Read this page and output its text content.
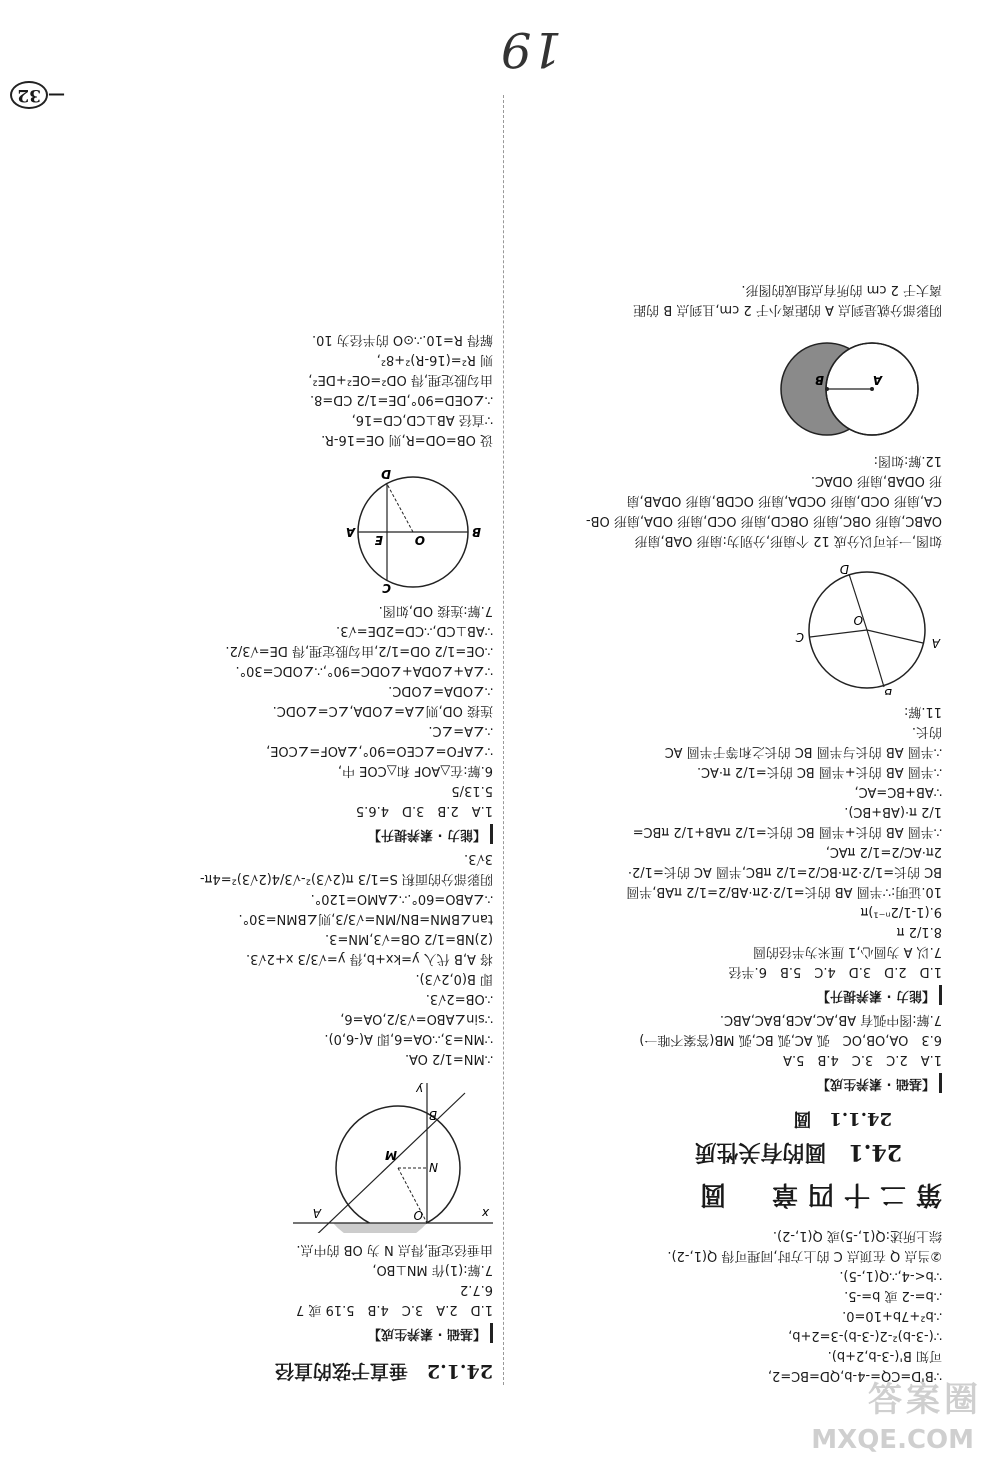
∵B'D=CQ=-4-b,QD=BC=2,
可知 B'(-3-b,2+b).
∵(-3-b)²-2(-3-b)-3=2+b,
∴b²+7b+10=0.
∴b=-2 或 b=-5.
∵b<-4,∴Q(1,-5).
②当点 Q 在顶点 C 的上方时,同理可得 Q(1,-2).
综上所述:Q(1,-5)或 Q(1,-2).
第二十四章　圆
24.1　圆的有关性质
24.1.1　圆
【基础 · 素养生成】
1.A　2.C　3.C　4.B　5.A
6.3　OA,OB,OC　弧 AC,弧 BC,弧 MB(答案不唯一)
7.解:图中弧有 AB,AC,ACB,BAC,ABC.
【能力 · 素养提升】
1.D　2.D　3.D　4.C　5.B　6.半径
7.以 A 为圆心,1 厘米为半径的圆
8.1/2 π
9.(1-1/2ⁿ⁻¹)π
10.证明:∵半圆 AB 的长=1/2·2π·AB/2=1/2 πAB,半圆
BC 的长=1/2·2π·BC/2=1/2 πBC,半圆 AC 的长=1/2·
2π·AC/2=1/2 πAC,
∴半圆 AB 的长+半圆 BC 的长=1/2 πAB+1/2 πBC=
1/2 π·(AB+BC).
∵AB+BC=AC,
∴半圆 AB 的长+半圆 BC 的长=1/2 π·AC.
∴半圆 AB 的长与半圆 BC 的长之和等于半圆 AC
的长.
11.解:
O
A
B
C
D
如图,一共可以分成 12 个扇形,分别为:扇形 OAB,扇形
OABC,扇形 OBC,扇形 OBCD,扇形 OCD,扇形 ODA,扇形 OB-
CA,扇形 OCD,扇形 OCDA,扇形 OCDB,扇形 ODAB,扇
形 ODAB,扇形 ODAC.
12.解:如图:
A
B
阴影部分就是到点 A 的距离小于 2 cm,且到点 B 的距
离大于 2 cm 的所有点组成的图形.
24.1.2　垂直于弦的直径
【基础 · 素养生成】
1.D　2.A　3.C　4.B　5.19 或 7
6.7.2
7.解:(1)作 MN⊥BO,
由垂径定理,得点 N 为 OB 的中点.
y
x
O
A
B
M
N
∴MN=1/2 OA.
∵MN=3,∴OA=6,即 A(-6,0).
∵sin∠ABO=√3/2,OA=6,
∴OB=2√3.
即 B(0,2√3).
将 A,B 代入 y=kx+b,得 y=√3/3 x+2√3.
(2)NB=1/2 OB=√3,MN=3.
tan∠BMN=BN/MN=√3/3,则∠BMN=30°.
∴∠ABO=60°.∴∠AMO=120°.
阴影部分的面积 S=1/3 π(2√3)²-√3/4(2√3)²=4π-
3√3.
【能力 · 素养提升】
1.A　2.B　3.D　4.6.5
5.13/5
6.解:在△AOF 和△COE 中,
∵∠AFO=∠CEO=90°,∠AOF=∠COE,
∴∠A=∠C.
连接 OD,则∠A=∠ODA,∠C=∠ODC.
∴∠ODA=∠ODC.
∵∠A+∠ODA+∠ODC=90°,∴∠ODC=30°.
∴OE=1/2 OD=1/2,由勾股定理,得 DE=√3/2.
∵AB⊥CD,∴CD=2DE=√3.
7.解:连接 OD,如图.
A	B
C
D
E	O
设 OB=OD=R,则 OE=16-R.
∵直径 AB⊥CD,CD=16,
∴∠OED=90°,DE=1/2 CD=8.
由勾股定理,得 OD²=OE²+DE²,
则 R²=(16-R)²+8²,
解得 R=10.∴⊙O 的半径为 10.
—32
19
答案圈
MXQE.COM
